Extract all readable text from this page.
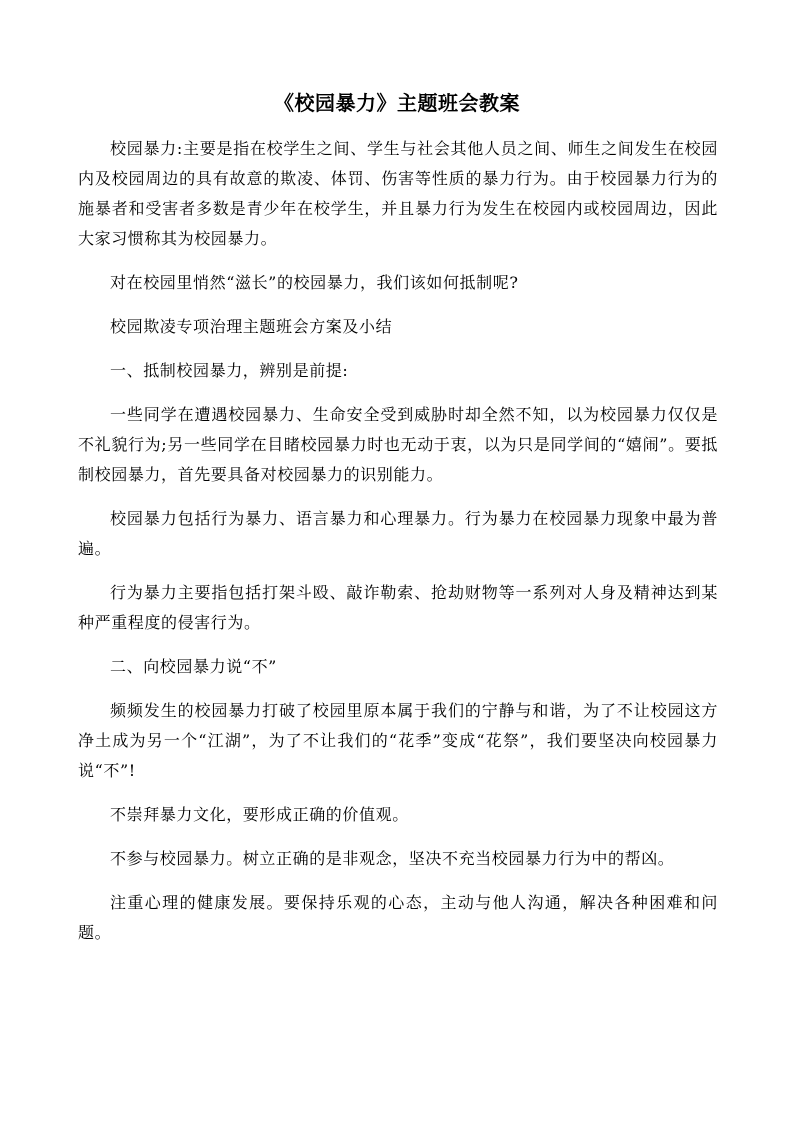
《校园暴力》主题班会教案

校园暴力:主要是指在校学生之间、学生与社会其他人员之间、师生之间发生在校园内及校园周边的具有故意的欺凌、体罚、伤害等性质的暴力行为。由于校园暴力行为的施暴者和受害者多数是青少年在校学生，并且暴力行为发生在校园内或校园周边，因此大家习惯称其为校园暴力。

对在校园里悄然“滋长”的校园暴力，我们该如何抵制呢?

校园欺凌专项治理主题班会方案及小结

一、抵制校园暴力，辨别是前提:

一些同学在遭遇校园暴力、生命安全受到威胁时却全然不知，以为校园暴力仅仅是不礼貌行为;另一些同学在目睹校园暴力时也无动于衷，以为只是同学间的“嬉闹”。要抵制校园暴力，首先要具备对校园暴力的识别能力。

校园暴力包括行为暴力、语言暴力和心理暴力。行为暴力在校园暴力现象中最为普遍。

行为暴力主要指包括打架斗殴、敲诈勒索、抢劫财物等一系列对人身及精神达到某种严重程度的侵害行为。

二、向校园暴力说“不”

频频发生的校园暴力打破了校园里原本属于我们的宁静与和谐，为了不让校园这方净土成为另一个“江湖”，为了不让我们的“花季”变成“花祭”，我们要坚决向校园暴力说“不”!

不崇拜暴力文化，要形成正确的价值观。

不参与校园暴力。树立正确的是非观念，坚决不充当校园暴力行为中的帮凶。

注重心理的健康发展。要保持乐观的心态，主动与他人沟通，解决各种困难和问题。
